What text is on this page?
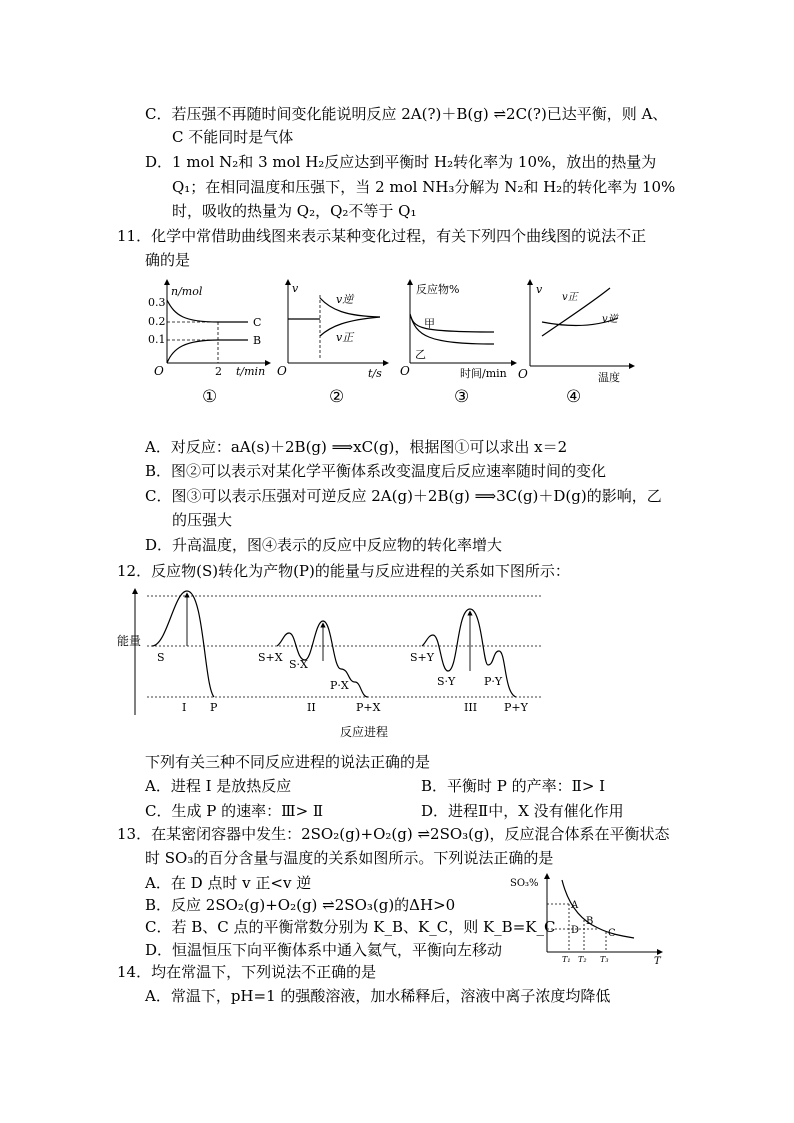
C．若压强不再随时间变化能说明反应 2A(?)＋B(g) ⇌2C(?)已达平衡，则 A、
C 不能同时是气体
D．1 mol N₂和 3 mol H₂反应达到平衡时 H₂转化率为 10%，放出的热量为
Q₁；在相同温度和压强下，当 2 mol NH₃分解为 N₂和 H₂的转化率为 10%
时，吸收的热量为 Q₂，Q₂不等于 Q₁
11．化学中常借助曲线图来表示某种变化过程，有关下列四个曲线图的说法不正
确的是
0.3
0.2
0.1
n/mol
O	2 t/min
C
B
①
v
v逆
v正
O	t/s
②
反应物%
甲
乙
O	时间/min
③
v
v正
v逆
O	温度
④
A．对反应：aA(s)＋2B(g) ⟹xC(g)，根据图①可以求出 x＝2
B．图②可以表示对某化学平衡体系改变温度后反应速率随时间的变化
C．图③可以表示压强对可逆反应 2A(g)＋2B(g) ⟹3C(g)＋D(g)的影响，乙
的压强大
D．升高温度，图④表示的反应中反应物的转化率增大
12．反应物(S)转化为产物(P)的能量与反应进程的关系如下图所示：
能量
S
P
I
S+X
S·X
P·X
P+X
II
S+Y
S·Y	P·Y
P+Y
III
反应进程
下列有关三种不同反应进程的说法正确的是
A．进程 I 是放热反应	B．平衡时 P 的产率：Ⅱ> Ⅰ
C．生成 P 的速率：Ⅲ> Ⅱ	D．进程Ⅱ中，X 没有催化作用
13．在某密闭容器中发生：2SO₂(g)+O₂(g) ⇌2SO₃(g)，反应混合体系在平衡状态
时 SO₃的百分含量与温度的关系如图所示。下列说法正确的是
A．在 D 点时 v 正<v 逆
B．反应 2SO₂(g)+O₂(g) ⇌2SO₃(g)的ΔH>0
C．若 B、C 点的平衡常数分别为 K_B、K_C，则 K_B=K_C
D．恒温恒压下向平衡体系中通入氦气，平衡向左移动
SO₃%
A
B
C
D
T₁ T₂ T₃	T
14．均在常温下，下列说法不正确的是
A．常温下，pH=1 的强酸溶液，加水稀释后，溶液中离子浓度均降低
